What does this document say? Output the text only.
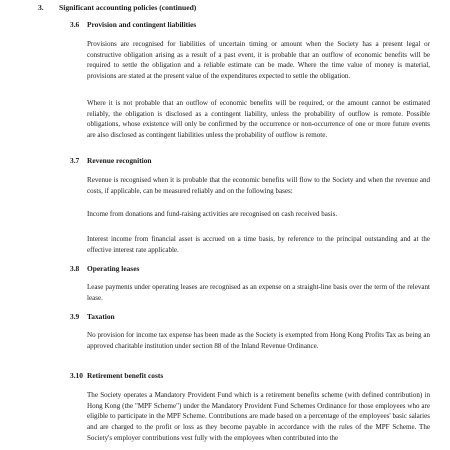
3. Significant accounting policies (continued)
3.6 Provision and contingent liabilities

Provisions are recognised for liabilities of uncertain timing or amount when the Society has a present legal or constructive obligation arising as a result of a past event, it is probable that an outflow of economic benefits will be required to settle the obligation and a reliable estimate can be made. Where the time value of money is material, provisions are stated at the present value of the expenditures expected to settle the obligation.

Where it is not probable that an outflow of economic benefits will be required, or the amount cannot be estimated reliably, the obligation is disclosed as a contingent liability, unless the probability of outflow is remote. Possible obligations, whose existence will only be confirmed by the occurrence or non-occurrence of one or more future events are also disclosed as contingent liabilities unless the probability of outflow is remote.

3.7 Revenue recognition

Revenue is recognised when it is probable that the economic benefits will flow to the Society and when the revenue and costs, if applicable, can be measured reliably and on the following bases:

Income from donations and fund-raising activities are recognised on cash received basis.

Interest income from financial asset is accrued on a time basis, by reference to the principal outstanding and at the effective interest rate applicable.

3.8 Operating leases

Lease payments under operating leases are recognised as an expense on a straight-line basis over the term of the relevant lease.

3.9 Taxation

No provision for income tax expense has been made as the Society is exempted from Hong Kong Profits Tax as being an approved charitable institution under section 88 of the Inland Revenue Ordinance.

3.10 Retirement benefit costs

The Society operates a Mandatory Provident Fund which is a retirement benefits scheme (with defined contribution) in Hong Kong (the "MPF Scheme") under the Mandatory Provident Fund Schemes Ordinance for those employees who are eligible to participate in the MPF Scheme. Contributions are made based on a percentage of the employees' basic salaries and are charged to the profit or loss as they become payable in accordance with the rules of the MPF Scheme. The Society's employer contributions vest fully with the employees when contributed into the
